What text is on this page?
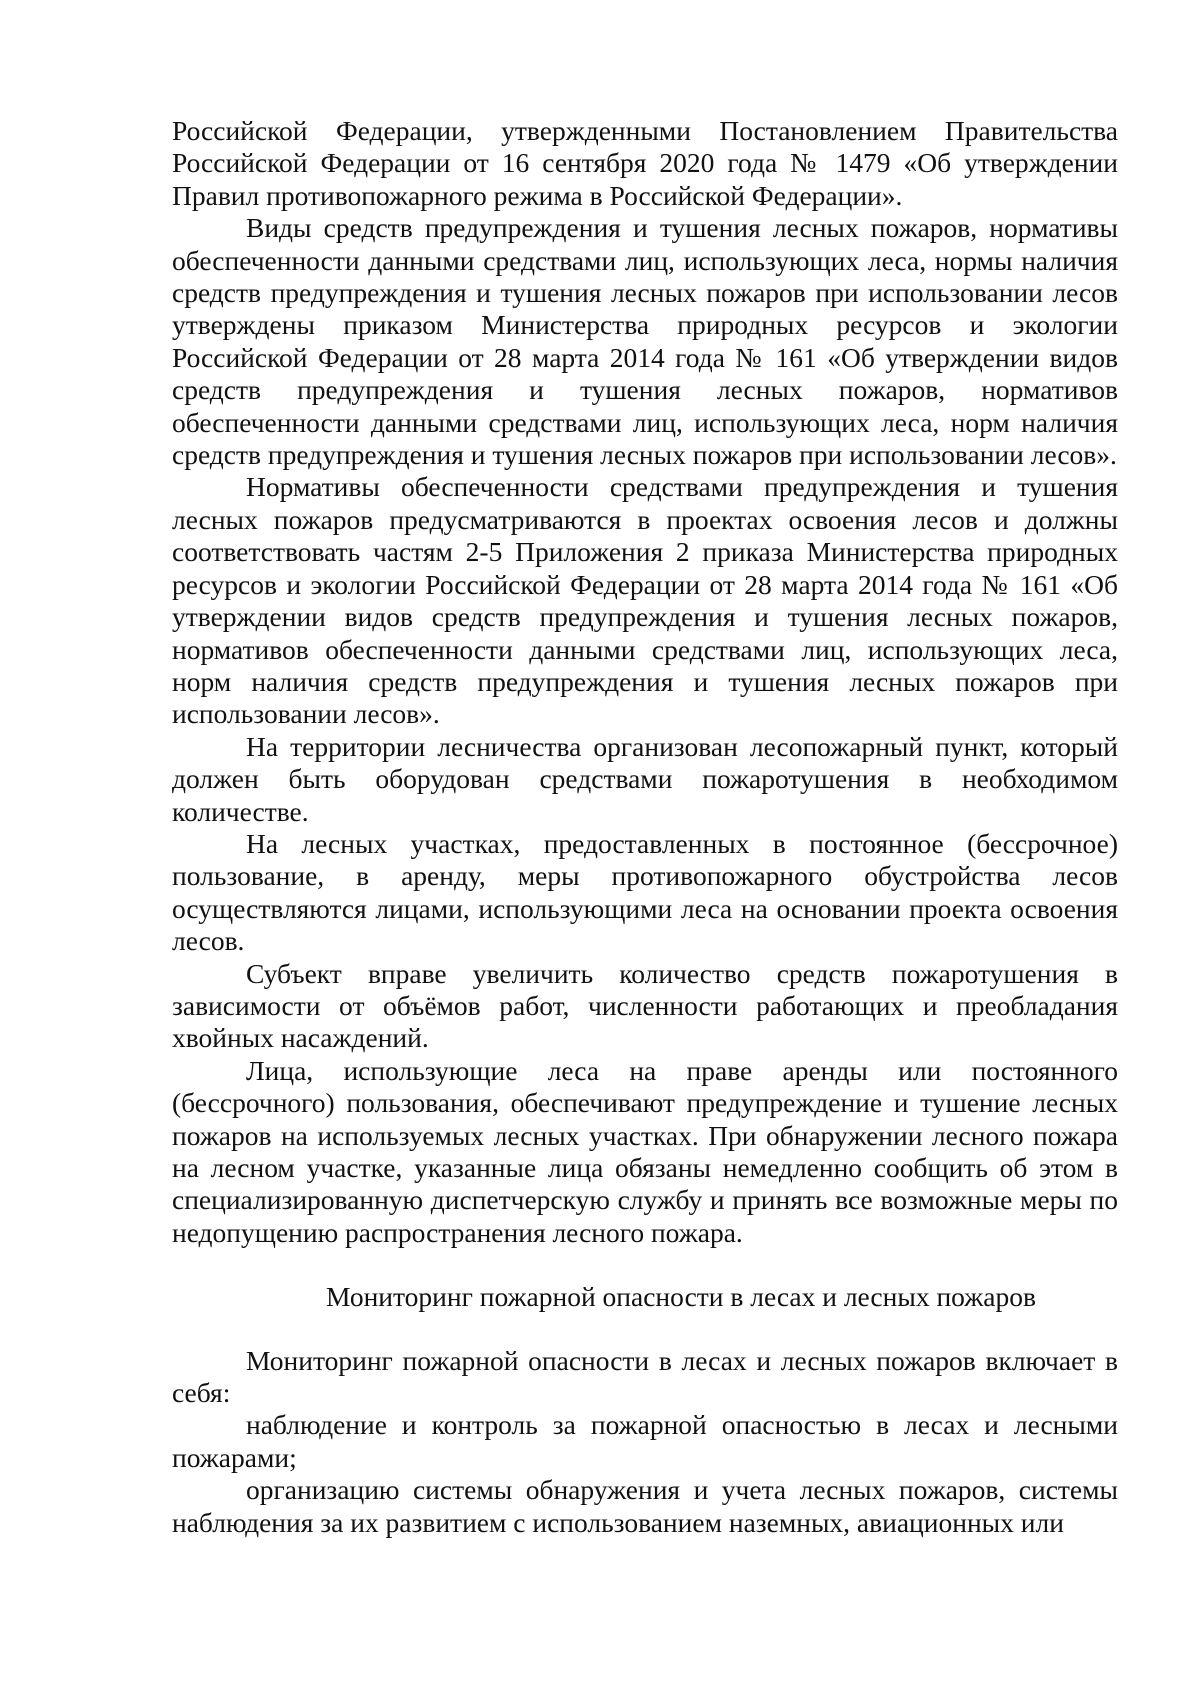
Российской Федерации, утвержденными Постановлением Правительства Российской Федерации от 16 сентября 2020 года № 1479 «Об утверждении Правил противопожарного режима в Российской Федерации».

Виды средств предупреждения и тушения лесных пожаров, нормативы обеспеченности данными средствами лиц, использующих леса, нормы наличия средств предупреждения и тушения лесных пожаров при использовании лесов утверждены приказом Министерства природных ресурсов и экологии Российской Федерации от 28 марта 2014 года № 161 «Об утверждении видов средств предупреждения и тушения лесных пожаров, нормативов обеспеченности данными средствами лиц, использующих леса, норм наличия средств предупреждения и тушения лесных пожаров при использовании лесов».

Нормативы обеспеченности средствами предупреждения и тушения лесных пожаров предусматриваются в проектах освоения лесов и должны соответствовать частям 2-5 Приложения 2 приказа Министерства природных ресурсов и экологии Российской Федерации от 28 марта 2014 года № 161 «Об утверждении видов средств предупреждения и тушения лесных пожаров, нормативов обеспеченности данными средствами лиц, использующих леса, норм наличия средств предупреждения и тушения лесных пожаров при использовании лесов».

На территории лесничества организован лесопожарный пункт, который должен быть оборудован средствами пожаротушения в необходимом количестве.

На лесных участках, предоставленных в постоянное (бессрочное) пользование, в аренду, меры противопожарного обустройства лесов осуществляются лицами, использующими леса на основании проекта освоения лесов.

Субъект вправе увеличить количество средств пожаротушения в зависимости от объёмов работ, численности работающих и преобладания хвойных насаждений.

Лица, использующие леса на праве аренды или постоянного (бессрочного) пользования, обеспечивают предупреждение и тушение лесных пожаров на используемых лесных участках. При обнаружении лесного пожара на лесном участке, указанные лица обязаны немедленно сообщить об этом в специализированную диспетчерскую службу и принять все возможные меры по недопущению распространения лесного пожара.

Мониторинг пожарной опасности в лесах и лесных пожаров

Мониторинг пожарной опасности в лесах и лесных пожаров включает в себя:

наблюдение и контроль за пожарной опасностью в лесах и лесными пожарами;

организацию системы обнаружения и учета лесных пожаров, системы наблюдения за их развитием с использованием наземных, авиационных или
